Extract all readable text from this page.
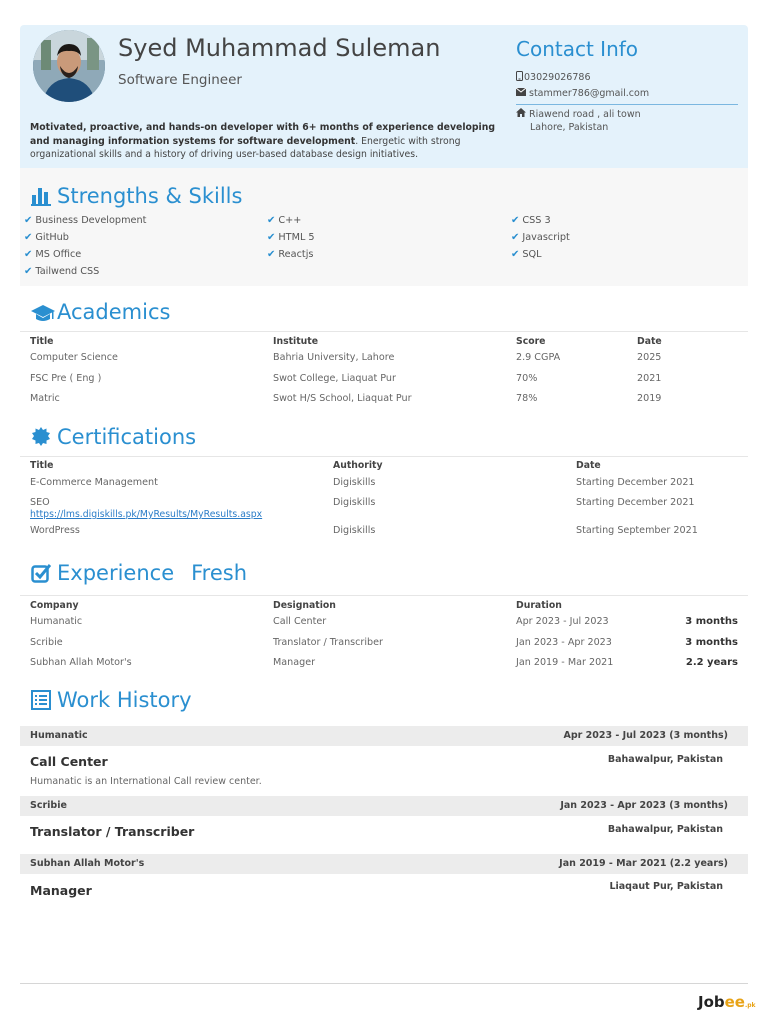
Syed Muhammad Suleman
Software Engineer
Motivated, proactive, and hands-on developer with 6+ months of experience developing and managing information systems for software development. Energetic with strong organizational skills and a history of driving user-based database design initiatives.
Contact Info
03029026786
stammer786@gmail.com
Riawend road , ali town
Lahore, Pakistan
Strengths & Skills
✔ Business Development	✔ C++	✔ CSS 3
✔ GitHub	✔ HTML 5	✔ Javascript
✔ MS Office	✔ Reactjs	✔ SQL
✔ Tailwend CSS
Academics
Title	Institute	Score	Date
Computer Science	Bahria University, Lahore	2.9 CGPA	2025
FSC Pre ( Eng )	Swot College, Liaquat Pur	70%	2021
Matric	Swot H/S School, Liaquat Pur	78%	2019
Certifications
Title	Authority	Date
E-Commerce Management	Digiskills	Starting December 2021
SEO
https://lms.digiskills.pk/MyResults/MyResults.aspx
Digiskills	Starting December 2021
WordPress	Digiskills	Starting September 2021
Experience Fresh
Company	Designation	Duration
Humanatic	Call Center	Apr 2023 - Jul 2023	3 months
Scribie	Translator / Transcriber	Jan 2023 - Apr 2023	3 months
Subhan Allah Motor's	Manager	Jan 2019 - Mar 2021	2.2 years
Work History
Humanatic	Apr 2023 - Jul 2023 (3 months)
Call Center	Bahawalpur, Pakistan
Humanatic is an International Call review center.
Scribie	Jan 2023 - Apr 2023 (3 months)
Translator / Transcriber	Bahawalpur, Pakistan
Subhan Allah Motor's	Jan 2019 - Mar 2021 (2.2 years)
Manager	Liaqaut Pur, Pakistan
Jobee.pk
